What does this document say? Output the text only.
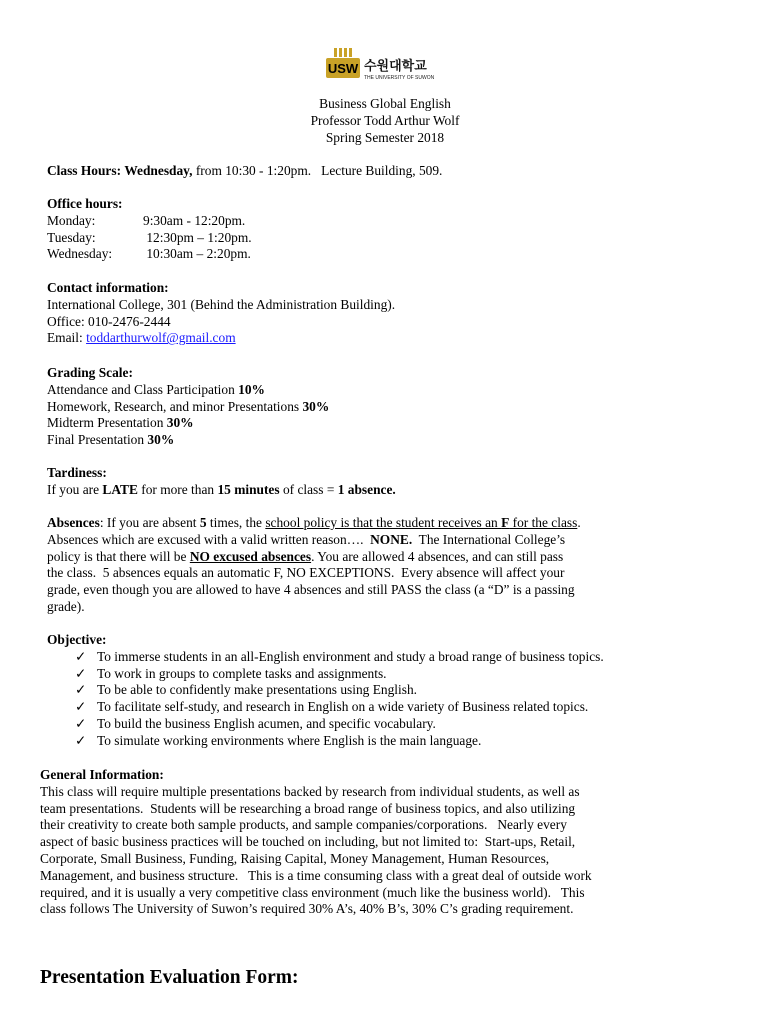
USW 수원대학교
THE UNIVERSITY OF SUWON
Business Global English
Professor Todd Arthur Wolf
Spring Semester 2018
Class Hours: Wednesday, from 10:30 - 1:20pm.   Lecture Building, 509.
Office hours:
Monday:	9:30am - 12:20pm.
Tuesday:	12:30pm – 1:20pm.
Wednesday:	10:30am – 2:20pm.
Contact information:
International College, 301 (Behind the Administration Building).
Office: 010-2476-2444
Email: toddarthurwolf@gmail.com
Grading Scale:
Attendance and Class Participation 10%
Homework, Research, and minor Presentations 30%
Midterm Presentation 30%
Final Presentation 30%
Tardiness:
If you are LATE for more than 15 minutes of class = 1 absence.
Absences: If you are absent 5 times, the school policy is that the student receives an F for the class.
Absences which are excused with a valid written reason….  NONE.  The International College’s
policy is that there will be NO excused absences. You are allowed 4 absences, and can still pass
the class.  5 absences equals an automatic F, NO EXCEPTIONS.  Every absence will affect your
grade, even though you are allowed to have 4 absences and still PASS the class (a “D” is a passing
grade).
Objective:
✓ To immerse students in an all-English environment and study a broad range of business topics.
✓ To work in groups to complete tasks and assignments.
✓ To be able to confidently make presentations using English.
✓ To facilitate self-study, and research in English on a wide variety of Business related topics.
✓ To build the business English acumen, and specific vocabulary.
✓ To simulate working environments where English is the main language.
General Information:
This class will require multiple presentations backed by research from individual students, as well as
team presentations.  Students will be researching a broad range of business topics, and also utilizing
their creativity to create both sample products, and sample companies/corporations.   Nearly every
aspect of basic business practices will be touched on including, but not limited to:  Start-ups, Retail,
Corporate, Small Business, Funding, Raising Capital, Money Management, Human Resources,
Management, and business structure.   This is a time consuming class with a great deal of outside work
required, and it is usually a very competitive class environment (much like the business world).   This
class follows The University of Suwon’s required 30% A’s, 40% B’s, 30% C’s grading requirement.
Presentation Evaluation Form:
